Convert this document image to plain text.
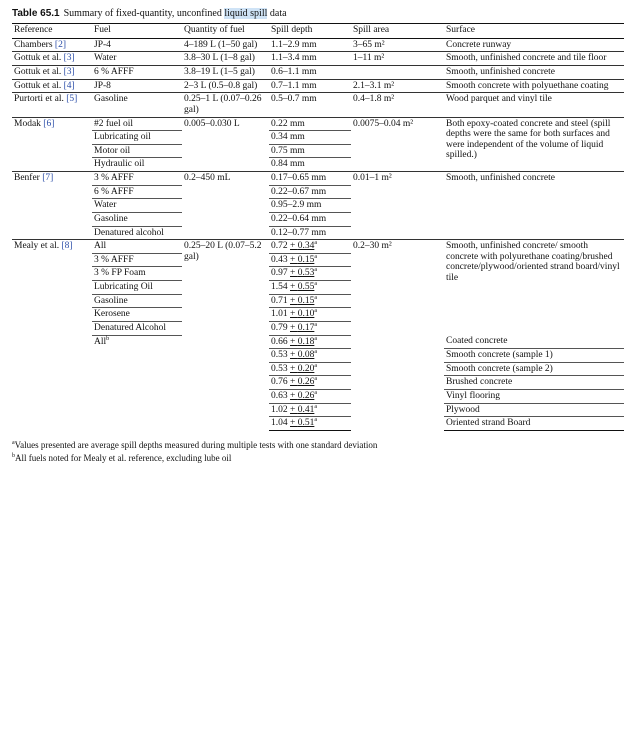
Table 65.1 Summary of fixed-quantity, unconfined liquid spill data
Reference	Fuel	Quantity of fuel	Spill depth	Spill area	Surface
Chambers [2]	JP-4	4–189 L (1–50 gal)	1.1–2.9 mm	3–65 m²	Concrete runway
Gottuk et al. [3]	Water	3.8–30 L (1–8 gal)	1.1–3.4 mm	1–11 m²	Smooth, unfinished concrete and tile floor
Gottuk et al. [3]	6 % AFFF	3.8–19 L (1–5 gal)	0.6–1.1 mm		Smooth, unfinished concrete
Gottuk et al. [4]	JP-8	2–3 L (0.5–0.8 gal)	0.7–1.1 mm	2.1–3.1 m²	Smooth concrete with polyuethane coating
Purtorti et al. [5]	Gasoline	0.25–1 L (0.07–0.26 gal)	0.5–0.7 mm	0.4–1.8 m²	Wood parquet and vinyl tile
Modak [6]	#2 fuel oil	0.005–0.030 L	0.22 mm	0.0075–0.04 m²	Both epoxy-coated concrete and steel (spill depths were the same for both surfaces and were independent of the volume of liquid spilled.)
	Lubricating oil		0.34 mm		
	Motor oil		0.75 mm		
	Hydraulic oil		0.84 mm		
Benfer [7]	3 % AFFF	0.2–450 mL	0.17–0.65 mm	0.01–1 m²	Smooth, unfinished concrete
	6 % AFFF		0.22–0.67 mm		
	Water		0.95–2.9 mm		
	Gasoline		0.22–0.64 mm		
	Denatured alcohol		0.12–0.77 mm		
Mealy et al. [8]	All	0.25–20 L (0.07–5.2 gal)	0.72 + 0.34$^a$	0.2–30 m²	Smooth, unfinished concrete/ smooth concrete with polyurethane coating/brushed concrete/plywood/oriented strand board/vinyl tile
	3 % AFFF		0.43 + 0.15$^a$
	3 % FP Foam		0.97 + 0.53$^a$
	Lubricating Oil		1.54 + 0.55$^a$
	Gasoline		0.71 + 0.15$^a$
	Kerosene		1.01 + 0.10$^a$
	Denatured Alcohol		0.79 + 0.17$^a$
	All$^b$		0.66 + 0.18$^a$		Coated concrete
			0.53 + 0.08$^a$		Smooth concrete (sample 1)
			0.53 + 0.20$^a$		Smooth concrete (sample 2)
			0.76 + 0.26$^a$		Brushed concrete
			0.63 + 0.26$^a$		Vinyl flooring
			1.02 + 0.41$^a$		Plywood
			1.04 + 0.51$^a$		Oriented strand Board
$^a$Values presented are average spill depths measured during multiple tests with one standard deviation
$^b$All fuels noted for Mealy et al. reference, excluding lube oil
